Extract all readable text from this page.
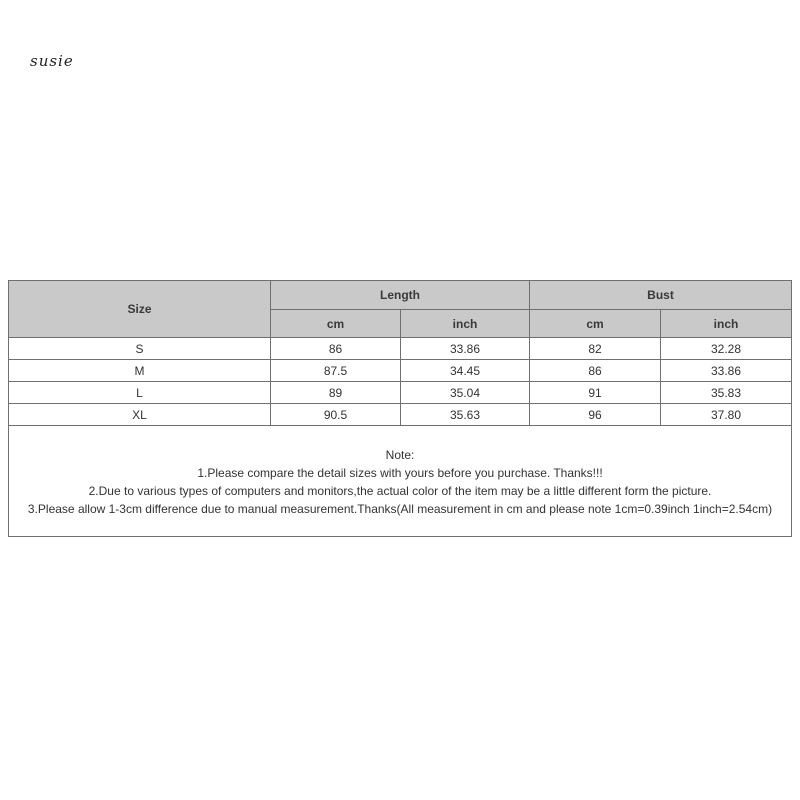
susie
Size	Length		Bust	
	cm	inch	cm	inch
S	86	33.86	82	32.28
M	87.5	34.45	86	33.86
L	89	35.04	91	35.83
XL	90.5	35.63	96	37.80

Note:
1.Please compare the detail sizes with yours before you purchase. Thanks!!!
2.Due to various types of computers and monitors,the actual color of the item may be a little different form the picture.
3.Please allow 1-3cm difference due to manual measurement.Thanks(All measurement in cm and please note 1cm=0.39inch 1inch=2.54cm)				
